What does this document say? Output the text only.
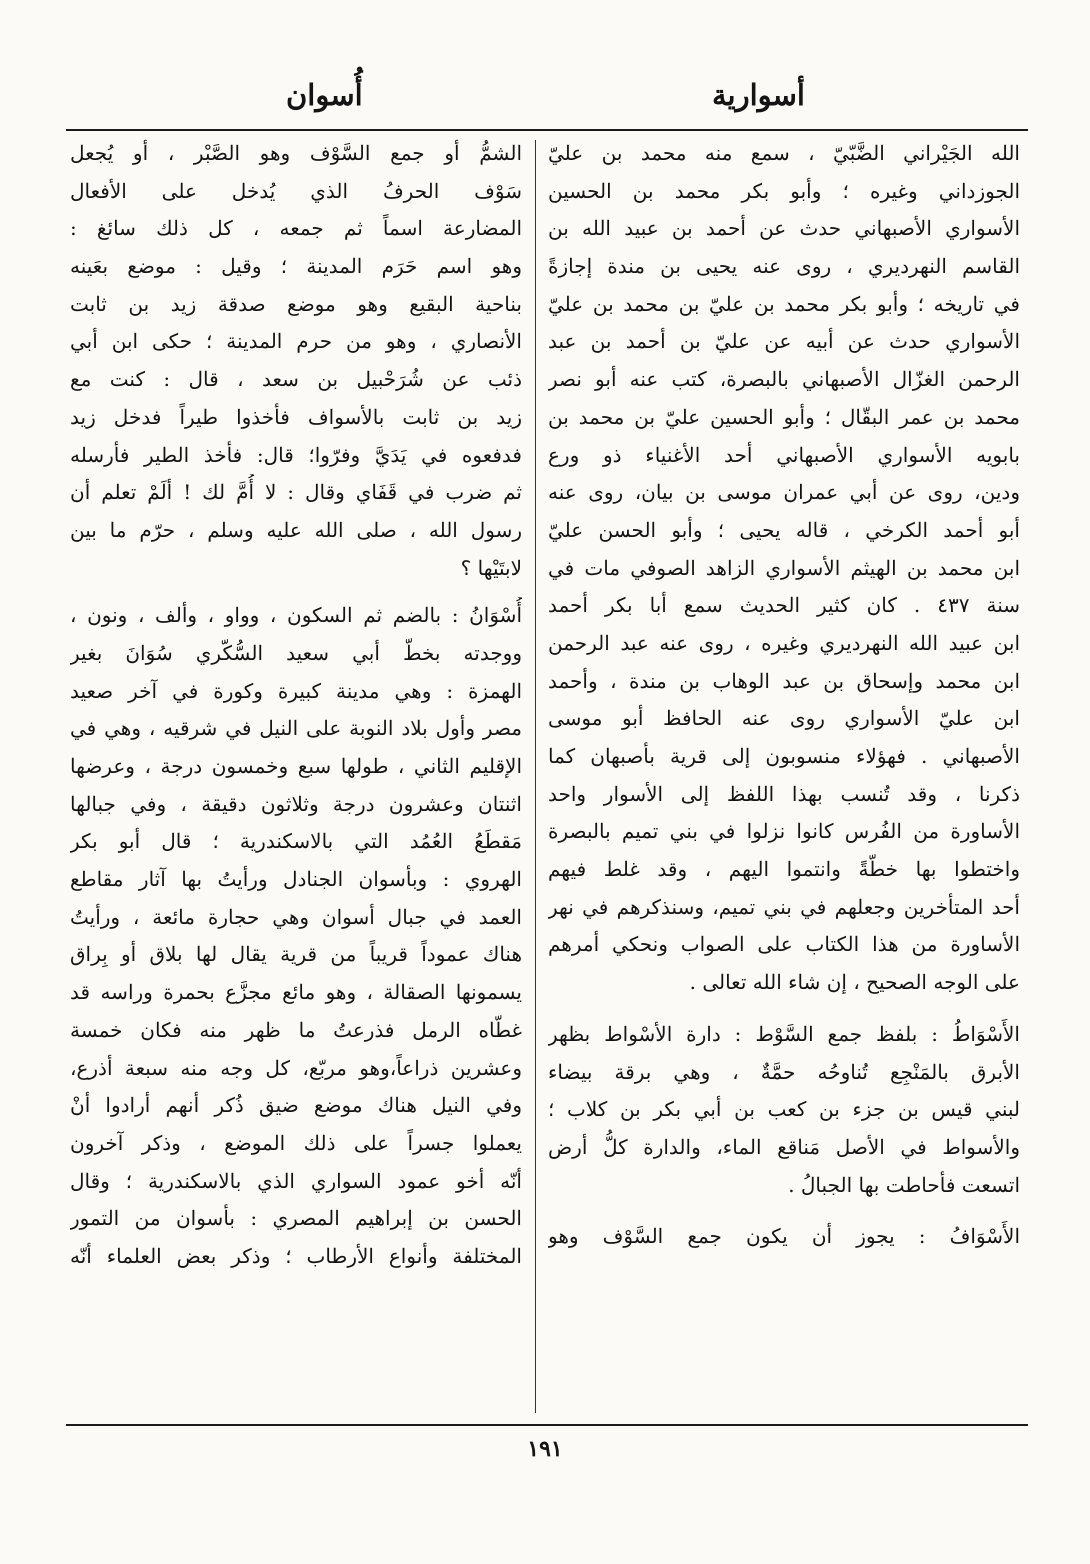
أسوارية
أُسوان
الله الجَيْراني الضَّبّيّ ، سمع منه محمد بن عليّ
الجوزداني وغيره ؛ وأبو بكر محمد بن الحسين
الأسواري الأصبهاني حدث عن أحمد بن عبيد الله بن
القاسم النهرديري ، روى عنه يحيى بن مندة إجازةً
في تاريخه ؛ وأبو بكر محمد بن عليّ بن محمد بن عليّ
الأسواري حدث عن أبيه عن عليّ بن أحمد بن عبد
الرحمن الغزّال الأصبهاني بالبصرة، كتب عنه أبو نصر
محمد بن عمر البقّال ؛ وأبو الحسين عليّ بن محمد بن
بابويه الأسواري الأصبهاني أحد الأغنياء ذو ورع
ودين، روى عن أبي عمران موسى بن بيان، روى عنه
أبو أحمد الكرخي ، قاله يحيى ؛ وأبو الحسن عليّ
ابن محمد بن الهيثم الأسواري الزاهد الصوفي مات في
سنة ٤٣٧ . كان كثير الحديث سمع أبا بكر أحمد
ابن عبيد الله النهرديري وغيره ، روى عنه عبد الرحمن
ابن محمد وإسحاق بن عبد الوهاب بن مندة ، وأحمد
ابن عليّ الأسواري روى عنه الحافظ أبو موسى
الأصبهاني . فهؤلاء منسوبون إلى قرية بأصبهان كما
ذكرنا ، وقد تُنسب بهذا اللفظ إلى الأسوار واحد
الأساورة من الفُرس كانوا نزلوا في بني تميم بالبصرة
واختطوا بها خطّةً وانتموا اليهم ، وقد غلط فيهم
أحد المتأخرين وجعلهم في بني تميم، وسنذكرهم في نهر
الأساورة من هذا الكتاب على الصواب ونحكي أمرهم
على الوجه الصحيح ، إن شاء الله تعالى .
الأَسْوَاطُ : بلفظ جمع السَّوْط : دارة الأسْواط بظهر
الأبرق بالمَنْجِع تُناوحُه حمَّةٌ ، وهي برقة بيضاء
لبني قيس بن جزء بن كعب بن أبي بكر بن كلاب ؛
والأسواط في الأصل مَناقع الماء، والدارة كلُّ أرض
اتسعت فأحاطت بها الجبالُ .
الأَسْوَافُ : يجوز أن يكون جمع السَّوْف وهو
الشمُّ أو جمع السَّوْف وهو الصَّبْر ، أو يُجعل
سَوْف الحرفُ الذي يُدخل على الأفعال
المضارعة اسماً ثم جمعه ، كل ذلك سائغ :
وهو اسم حَرَم المدينة ؛ وقيل : موضع بعَينه
بناحية البقيع وهو موضع صدقة زيد بن ثابت
الأنصاري ، وهو من حرم المدينة ؛ حكى ابن أبي
ذئب عن شُرَحْبيل بن سعد ، قال : كنت مع
زيد بن ثابت بالأسواف فأخذوا طيراً فدخل زيد
فدفعوه في يَدَيَّ وفرّوا؛ قال: فأخذ الطير فأرسله
ثم ضرب في قَفَاي وقال : لا أُمَّ لك ! ألَمْ تعلم أن
رسول الله ، صلى الله عليه وسلم ، حرّم ما بين
لابتَيْها ؟
أُسْوَانُ : بالضم ثم السكون ، وواو ، وألف ، ونون ،
ووجدته بخطّ أبي سعيد السُّكّري سُوَانَ بغير
الهمزة : وهي مدينة كبيرة وكورة في آخر صعيد
مصر وأول بلاد النوبة على النيل في شرقيه ، وهي في
الإقليم الثاني ، طولها سبع وخمسون درجة ، وعرضها
اثنتان وعشرون درجة وثلاثون دقيقة ، وفي جبالها
مَقطَعُ العُمُد التي بالاسكندرية ؛ قال أبو بكر
الهروي : وبأسوان الجنادل ورأيتُ بها آثار مقاطع
العمد في جبال أسوان وهي حجارة مائعة ، ورأيتُ
هناك عموداً قريباً من قرية يقال لها بلاق أو بِراق
يسمونها الصقالة ، وهو مائع مجزَّع بحمرة وراسه قد
غطّاه الرمل فذرعتُ ما ظهر منه فكان خمسة
وعشرين ذراعاً،وهو مربّع، كل وجه منه سبعة أذرع،
وفي النيل هناك موضع ضيق ذُكر أنهم أرادوا أنْ
يعملوا جسراً على ذلك الموضع ، وذكر آخرون
أنّه أخو عمود السواري الذي بالاسكندرية ؛ وقال
الحسن بن إبراهيم المصري : بأسوان من التمور
المختلفة وأنواع الأرطاب ؛ وذكر بعض العلماء أنّه
١٩١
